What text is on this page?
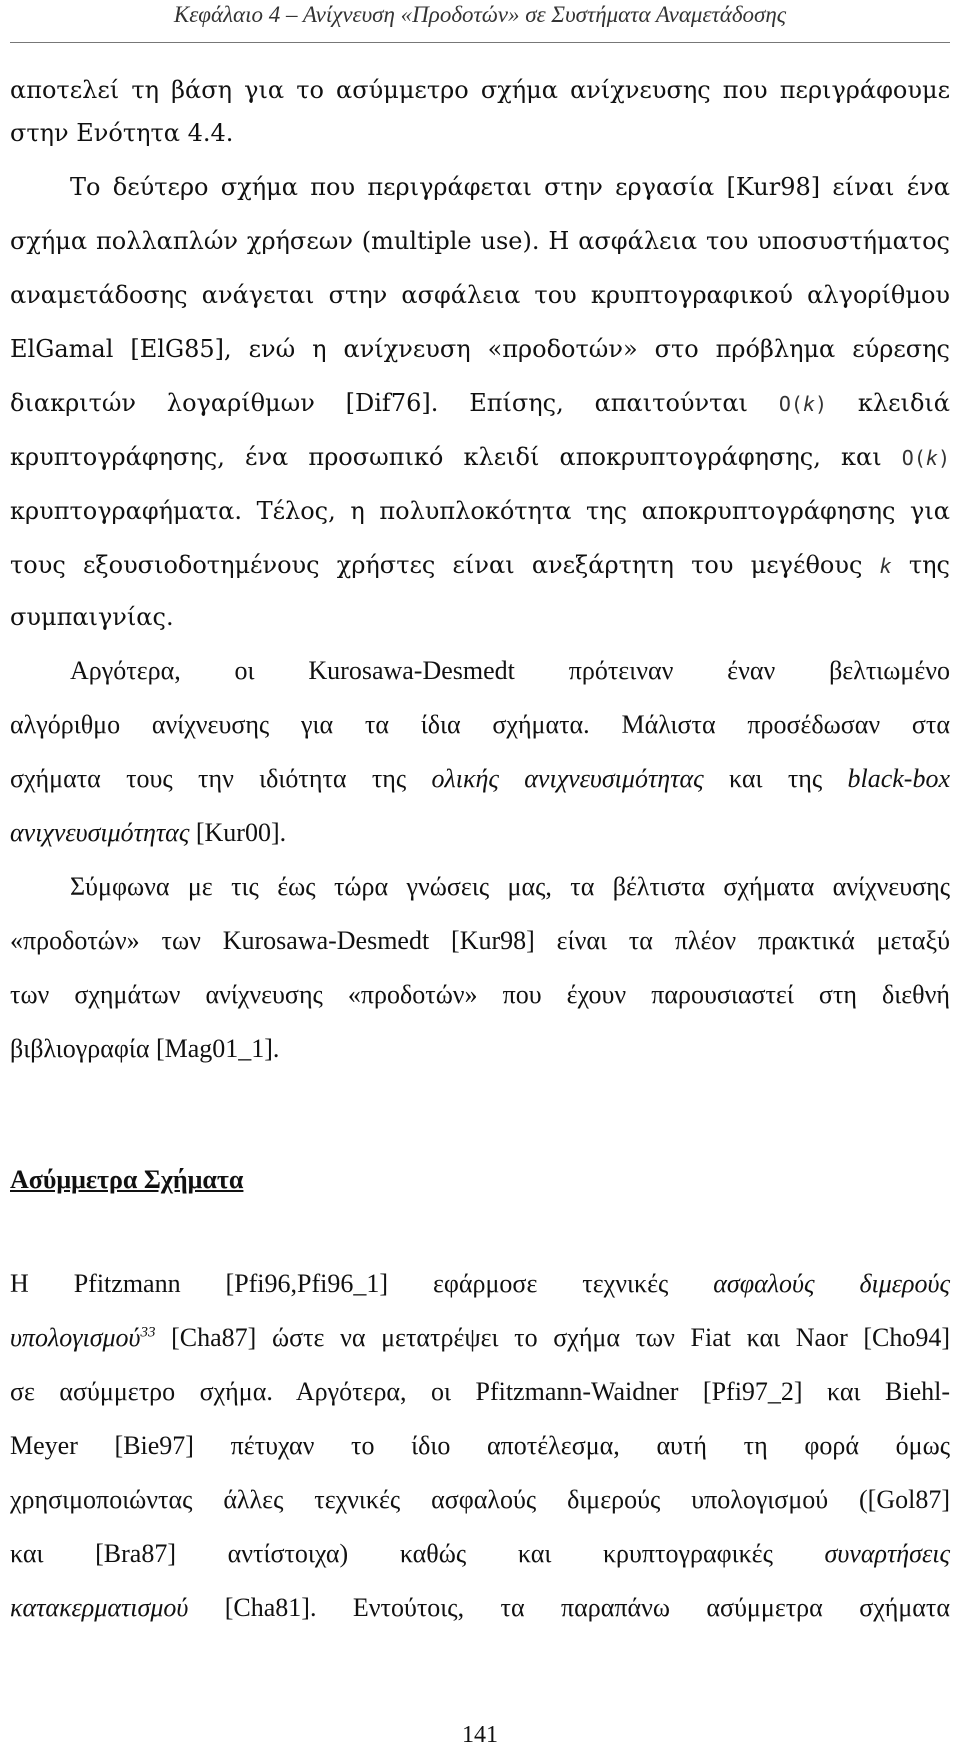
Κεφάλαιο 4 – Ανίχνευση «Προδοτών» σε Συστήματα Αναμετάδοσης
αποτελεί τη βάση για το ασύμμετρο σχήμα ανίχνευσης που περιγράφουμε
στην Ενότητα 4.4.
Το δεύτερο σχήμα που περιγράφεται στην εργασία [Kur98] είναι ένα
σχήμα πολλαπλών χρήσεων (multiple use). Η ασφάλεια του υποσυστήματος
αναμετάδοσης ανάγεται στην ασφάλεια του κρυπτογραφικού αλγορίθμου
ElGamal [ElG85], ενώ η ανίχνευση «προδοτών» στο πρόβλημα εύρεσης
διακριτών λογαρίθμων [Dif76]. Επίσης, απαιτούνται O(k) κλειδιά
κρυπτογράφησης, ένα προσωπικό κλειδί αποκρυπτογράφησης, και O(k)
κρυπτογραφήματα. Τέλος, η πολυπλοκότητα της αποκρυπτογράφησης για
τους εξουσιοδοτημένους χρήστες είναι ανεξάρτητη του μεγέθους k της
συμπαιγνίας.
Αργότερα, οι Kurosawa-Desmedt πρότειναν έναν βελτιωμένο
αλγόριθμο ανίχνευσης για τα ίδια σχήματα. Μάλιστα προσέδωσαν στα
σχήματα τους την ιδιότητα της ολικής ανιχνευσιμότητας και της black-box
ανιχνευσιμότητας [Kur00].
Σύμφωνα με τις έως τώρα γνώσεις μας, τα βέλτιστα σχήματα ανίχνευσης
«προδοτών» των Kurosawa-Desmedt [Kur98] είναι τα πλέον πρακτικά μεταξύ
των σχημάτων ανίχνευσης «προδοτών» που έχουν παρουσιαστεί στη διεθνή
βιβλιογραφία [Mag01_1].
Ασύμμετρα Σχήματα
Η Pfitzmann [Pfi96,Pfi96_1] εφάρμοσε τεχνικές ασφαλούς διμερούς
υπολογισμού$^{33}$ [Cha87] ώστε να μετατρέψει το σχήμα των Fiat και Naor [Cho94]
σε ασύμμετρο σχήμα. Αργότερα, οι Pfitzmann-Waidner [Pfi97_2] και Biehl-
Meyer [Bie97] πέτυχαν το ίδιο αποτέλεσμα, αυτή τη φορά όμως
χρησιμοποιώντας άλλες τεχνικές ασφαλούς διμερούς υπολογισμού ([Gol87]
και [Bra87] αντίστοιχα) καθώς και κρυπτογραφικές συναρτήσεις
κατακερματισμού [Cha81]. Εντούτοις, τα παραπάνω ασύμμετρα σχήματα
141
